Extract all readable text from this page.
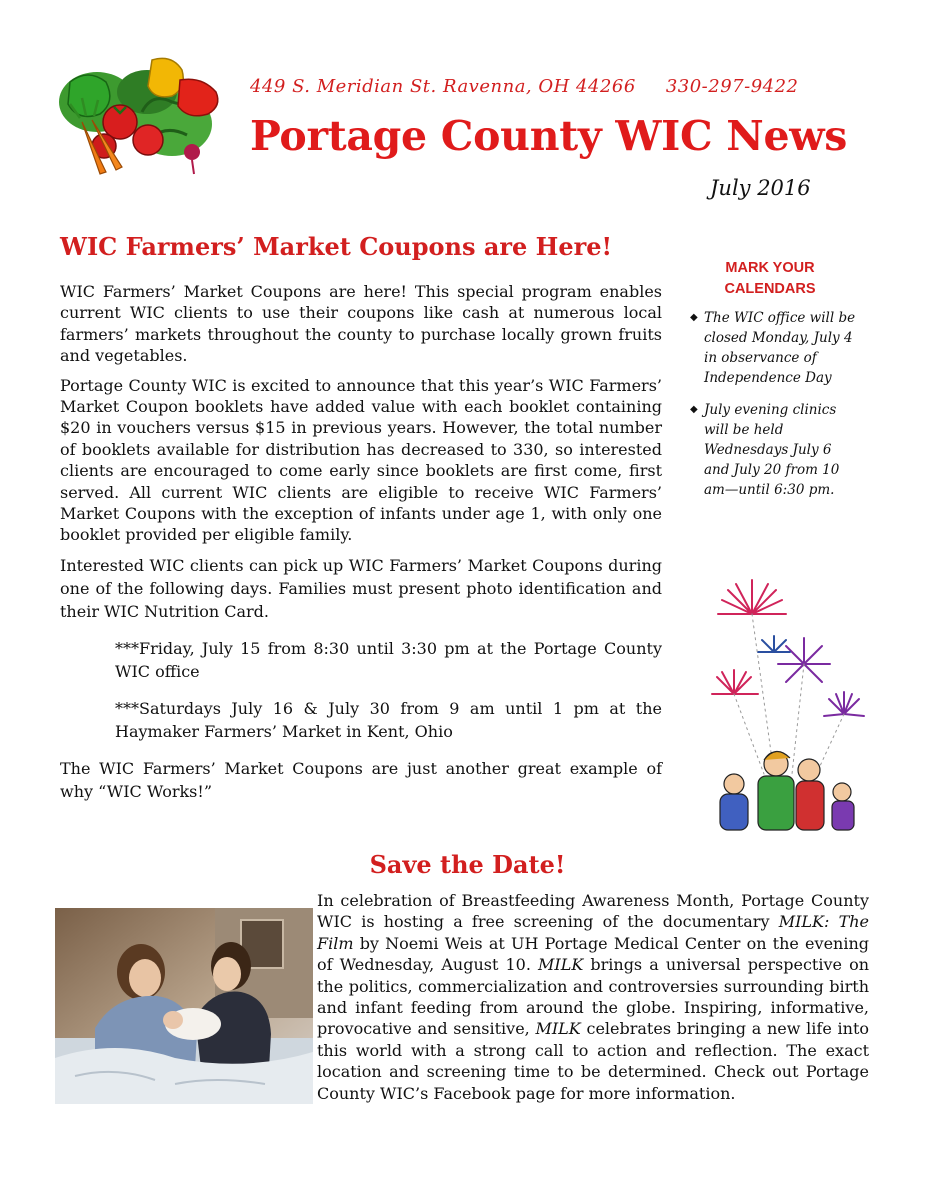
449 S. Meridian St. Ravenna, OH 44266 330-297-9422
Portage County WIC News
July 2016
WIC Farmers’ Market Coupons are Here!

WIC Farmers’ Market Coupons are here! This special program enables current WIC clients to use their coupons like cash at numerous local farmers’ markets throughout the county to purchase locally grown fruits and vegetables.

Portage County WIC is excited to announce that this year’s WIC Farmers’ Market Coupon booklets have added value with each booklet containing $20 in vouchers versus $15 in previous years. However, the total number of booklets available for distribution has decreased to 330, so interested clients are encouraged to come early since booklets are first come, first served. All current WIC clients are eligible to receive WIC Farmers’ Market Coupons with the exception of infants under age 1, with only one booklet provided per eligible family.

Interested WIC clients can pick up WIC Farmers’ Market Coupons during one of the following days. Families must present photo identification and their WIC Nutrition Card.

***Friday, July 15 from 8:30 until 3:30 pm at the Portage County WIC office

***Saturdays July 16 & July 30 from 9 am until 1 pm at the Haymaker Farmers’ Market in Kent, Ohio

The WIC Farmers’ Market Coupons are just another great example of why “WIC Works!”

MARK YOUR
CALENDARS
◆ The WIC office will be closed Monday, July 4 in observance of Independence Day
◆ July evening clinics will be held Wednesdays July 6 and July 20 from 10 am—until 6:30 pm.
Save the Date!
In celebration of Breastfeeding Awareness Month, Portage County WIC is hosting a free screening of the documentary MILK: The Film by Noemi Weis at UH Portage Medical Center on the evening of Wednesday, August 10. MILK brings a universal perspective on the politics, commercialization and controversies surrounding birth and infant feeding from around the globe. Inspiring, informative, provocative and sensitive, MILK celebrates bringing a new life into this world with a strong call to action and reflection. The exact location and screening time to be determined. Check out Portage County WIC’s Facebook page for more information.
